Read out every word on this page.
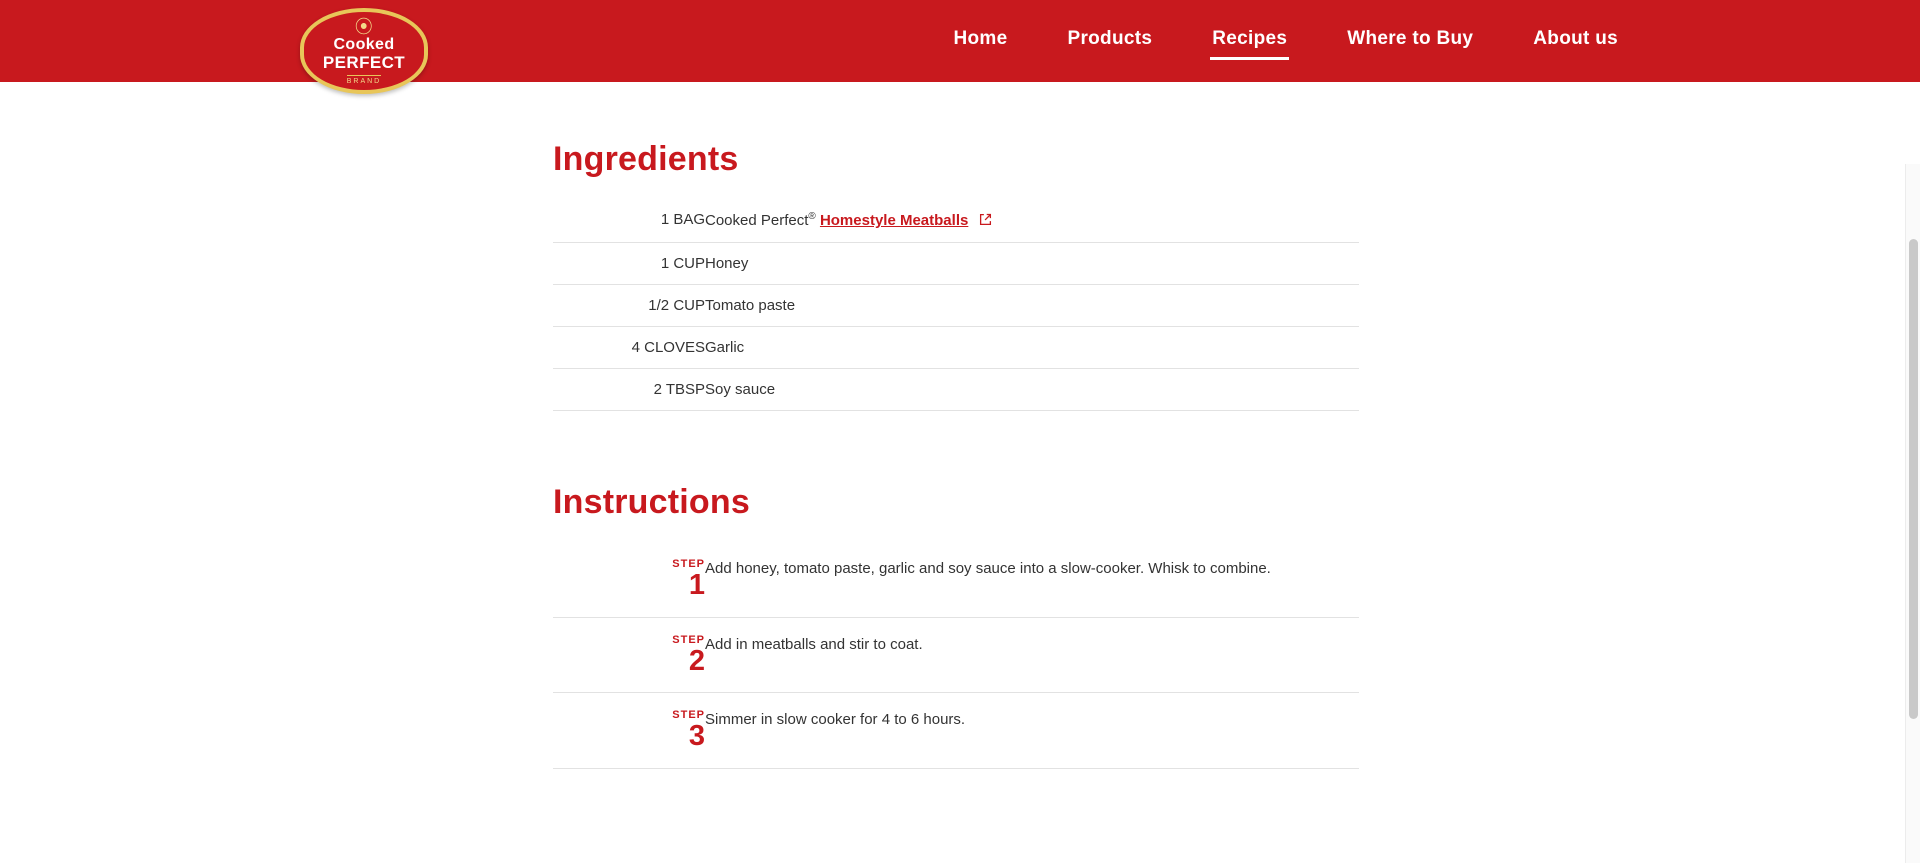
⦿
Cooked
PERFECT
BRAND
Home	Products	Recipes	Where to Buy	About us
Ingredients
1 BAG	Cooked Perfect® Homestyle Meatballs
1 CUP	Honey
1/2 CUP	Tomato paste
4 CLOVES	Garlic
2 TBSP	Soy sauce
Instructions
STEP
1	Add honey, tomato paste, garlic and soy sauce into a slow-cooker. Whisk to combine.

STEP
2	Add in meatballs and stir to coat.

STEP
3	Simmer in slow cooker for 4 to 6 hours.
